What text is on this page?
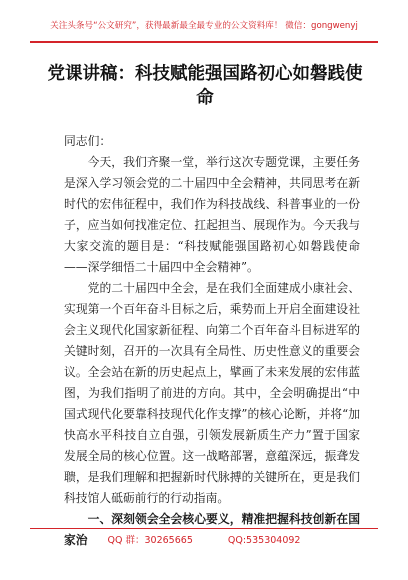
关注头条号“公文研究”，获得最新最全最专业的公文资料库！ 微信：gongwenyj
党课讲稿：科技赋能强国路初心如磐践使命

同志们：

今天，我们齐聚一堂，举行这次专题党课，主要任务是深入学习领会党的二十届四中全会精神，共同思考在新时代的宏伟征程中，我们作为科技战线、科普事业的一份子，应当如何找准定位、扛起担当、展现作为。今天我与大家交流的题目是：“科技赋能强国路初心如磐践使命——深学细悟二十届四中全会精神”。

党的二十届四中全会，是在我们全面建成小康社会、实现第一个百年奋斗目标之后，乘势而上开启全面建设社会主义现代化国家新征程、向第二个百年奋斗目标进军的关键时刻，召开的一次具有全局性、历史性意义的重要会议。全会站在新的历史起点上，擘画了未来发展的宏伟蓝图，为我们指明了前进的方向。其中，全会明确提出“中国式现代化要靠科技现代化作支撑”的核心论断，并将“加快高水平科技自立自强，引领发展新质生产力”置于国家发展全局的核心位置。这一战略部署，意蕴深远，振聋发聩，是我们理解和把握新时代脉搏的关键所在，更是我们科技馆人砥砺前行的行动指南。

一、深刻领会全会核心要义，精准把握科技创新在国家治	QQ 群：30265665	QQ:535304092
